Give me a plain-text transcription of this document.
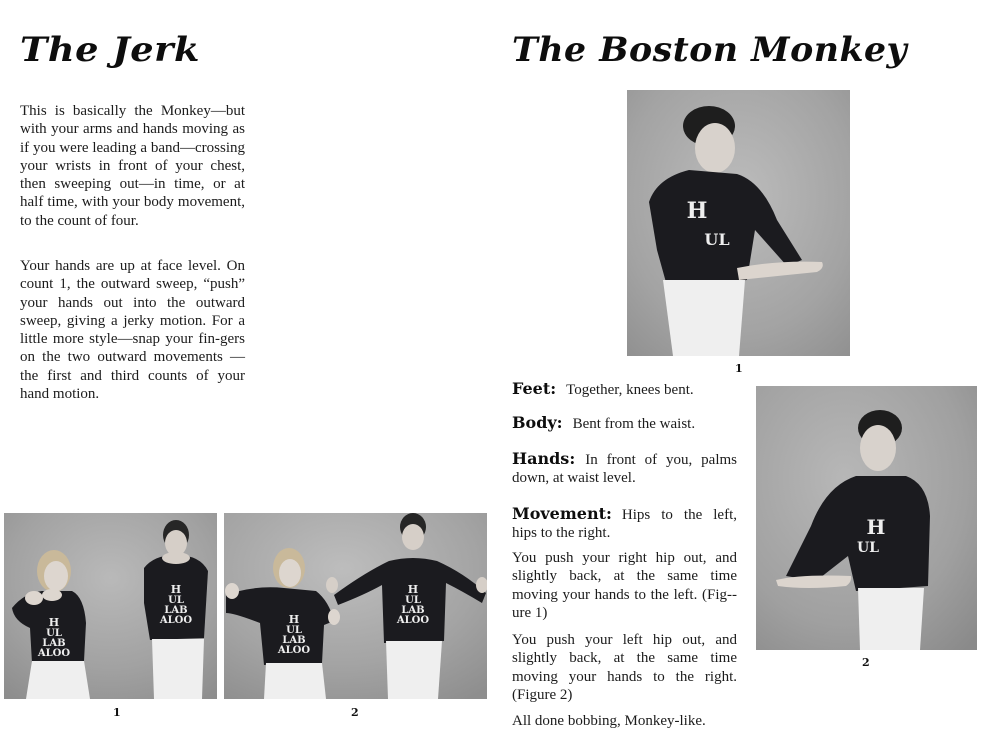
The Jerk

This is basically the Monkey—but with your arms and hands moving as if you were leading a band—crossing your wrists in front of your chest, then sweeping out—in time, or at half time, with your body movement, to the count of four.

Your hands are up at face level. On count 1, the outward sweep, “push” your hands out into the outward sweep, giving a jerky motion. For a little more style—snap your fin-gers on the two outward movements —the first and third counts of your hand motion.

H
UL
LAB
ALOO
H
UL
LAB
ALOO
1
H
UL
LAB
ALOO
H
UL
LAB
ALOO
2
The Boston Monkey
H
UL
1
H
UL
2

Feet: Together, knees bent.

Body: Bent from the waist.

Hands: In front of you, palms down, at waist level.

Movement: Hips to the left, hips to the right.

You push your right hip out, and slightly back, at the same time moving your hands to the left. (Fig-ure 1)

You push your left hip out, and slightly back, at the same time moving your hands to the right. (Figure 2)

All done bobbing, Monkey-like.
